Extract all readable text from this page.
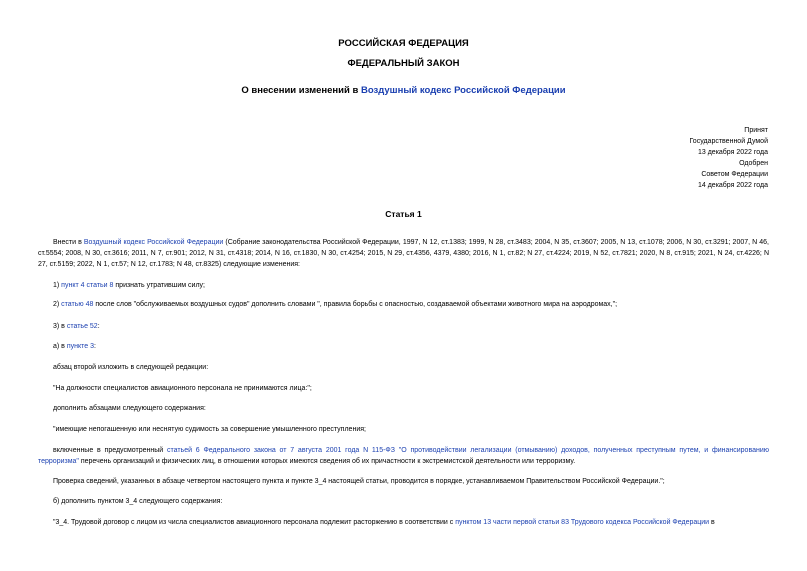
РОССИЙСКАЯ ФЕДЕРАЦИЯ
ФЕДЕРАЛЬНЫЙ ЗАКОН
О внесении изменений в Воздушный кодекс Российской Федерации
Принят
Государственной Думой
13 декабря 2022 года
Одобрен
Советом Федерации
14 декабря 2022 года
Статья 1
Внести в Воздушный кодекс Российской Федерации (Собрание законодательства Российской Федерации, 1997, N 12, ст.1383; 1999, N 28, ст.3483; 2004, N 35, ст.3607; 2005, N 13, ст.1078; 2006, N 30, ст.3291; 2007, N 46, ст.5554; 2008, N 30, ст.3616; 2011, N 7, ст.901; 2012, N 31, ст.4318; 2014, N 16, ст.1830, N 30, ст.4254; 2015, N 29, ст.4356, 4379, 4380; 2016, N 1, ст.82; N 27, ст.4224; 2019, N 52, ст.7821; 2020, N 8, ст.915; 2021, N 24, ст.4226; N 27, ст.5159; 2022, N 1, ст.57; N 12, ст.1783; N 48, ст.8325) следующие изменения:
1) пункт 4 статьи 8 признать утратившим силу;
2) статью 48 после слов "обслуживаемых воздушных судов" дополнить словами ", правила борьбы с опасностью, создаваемой объектами животного мира на аэродромах,";
3) в статье 52:
а) в пункте 3:
абзац второй изложить в следующей редакции:
"На должности специалистов авиационного персонала не принимаются лица:";
дополнить абзацами следующего содержания:
"имеющие непогашенную или неснятую судимость за совершение умышленного преступления;
включенные в предусмотренный статьей 6 Федерального закона от 7 августа 2001 года N 115-ФЗ "О противодействии легализации (отмыванию) доходов, полученных преступным путем, и финансированию терроризма" перечень организаций и физических лиц, в отношении которых имеются сведения об их причастности к экстремистской деятельности или терроризму.
Проверка сведений, указанных в абзаце четвертом настоящего пункта и пункте 3_4 настоящей статьи, проводится в порядке, устанавливаемом Правительством Российской Федерации.";
б) дополнить пунктом 3_4 следующего содержания:
"3_4. Трудовой договор с лицом из числа специалистов авиационного персонала подлежит расторжению в соответствии с пунктом 13 части первой статьи 83 Трудового кодекса Российской Федерации в
